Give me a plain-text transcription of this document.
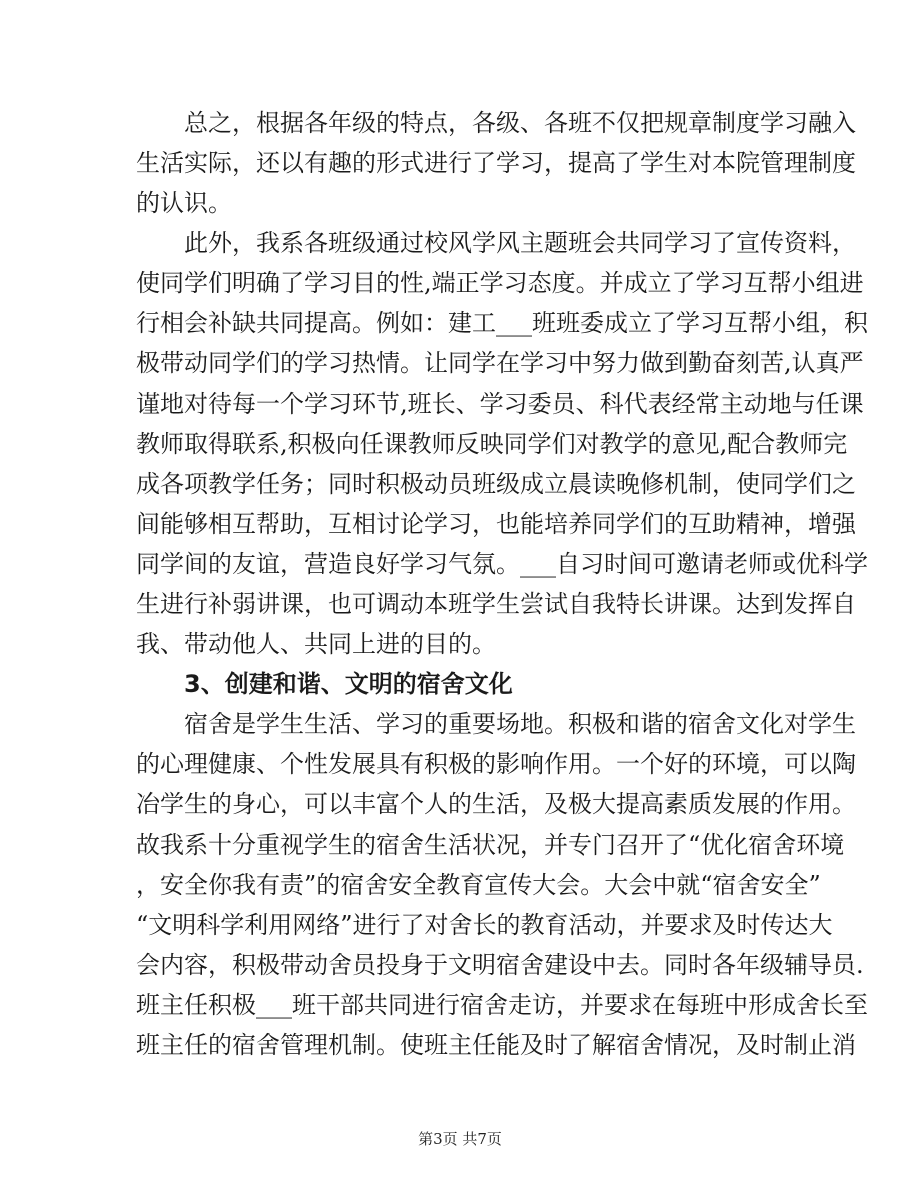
总之，根据各年级的特点，各级、各班不仅把规章制度学习融入
生活实际，还以有趣的形式进行了学习，提高了学生对本院管理制度
的认识。
此外，我系各班级通过校风学风主题班会共同学习了宣传资料，
使同学们明确了学习目的性,端正学习态度。并成立了学习互帮小组进
行相会补缺共同提高。例如：建工___班班委成立了学习互帮小组，积
极带动同学们的学习热情。让同学在学习中努力做到勤奋刻苦,认真严
谨地对待每一个学习环节,班长、学习委员、科代表经常主动地与任课
教师取得联系,积极向任课教师反映同学们对教学的意见,配合教师完
成各项教学任务；同时积极动员班级成立晨读晚修机制，使同学们之
间能够相互帮助，互相讨论学习，也能培养同学们的互助精神，增强
同学间的友谊，营造良好学习气氛。___自习时间可邀请老师或优科学
生进行补弱讲课，也可调动本班学生尝试自我特长讲课。达到发挥自
我、带动他人、共同上进的目的。
3、创建和谐、文明的宿舍文化
宿舍是学生生活、学习的重要场地。积极和谐的宿舍文化对学生
的心理健康、个性发展具有积极的影响作用。一个好的环境，可以陶
冶学生的身心，可以丰富个人的生活，及极大提高素质发展的作用。
故我系十分重视学生的宿舍生活状况，并专门召开了“优化宿舍环境
，安全你我有责”的宿舍安全教育宣传大会。大会中就“宿舍安全”
“文明科学利用网络”进行了对舍长的教育活动，并要求及时传达大
会内容，积极带动舍员投身于文明宿舍建设中去。同时各年级辅导员.
班主任积极___班干部共同进行宿舍走访，并要求在每班中形成舍长至
班主任的宿舍管理机制。使班主任能及时了解宿舍情况，及时制止消
第3页 共7页
